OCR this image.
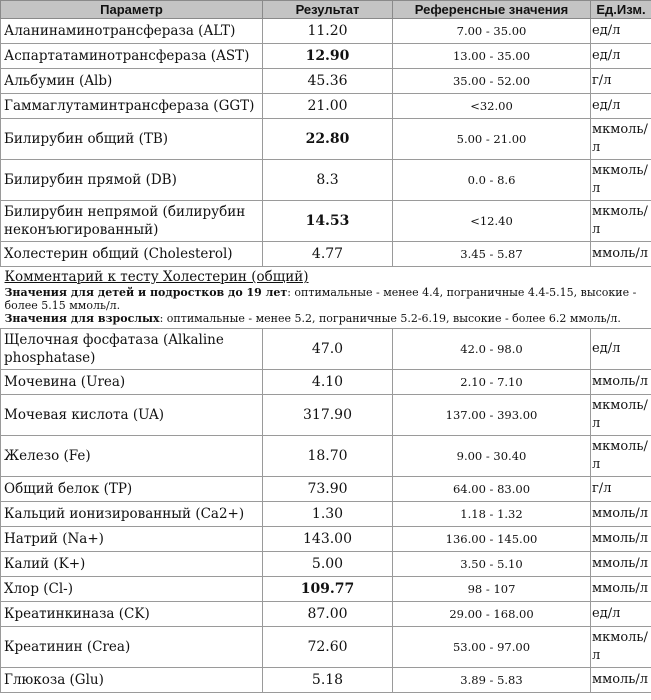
Параметр	Результат	Референсные значения	Ед.Изм.
Аланинаминотрансфераза (ALT)	11.20	7.00 - 35.00	ед/л
Аспартатаминотрансфераза (AST)	12.90	13.00 - 35.00	ед/л
Альбумин (Alb)	45.36	35.00 - 52.00	г/л
Гаммаглутаминтрансфераза (GGT)	21.00	<32.00	ед/л
Билирубин общий (TB)	22.80	5.00 - 21.00	мкмоль/л
Билирубин прямой (DB)	8.3	0.0 - 8.6	мкмоль/л
Билирубин непрямой (билирубин неконъюгированный)	14.53	<12.40	мкмоль/л
Холестерин общий (Cholesterol)	4.77	3.45 - 5.87	ммоль/л

Комментарий к тесту Холестерин (общий)
Значения для детей и подростков до 19 лет: оптимальные - менее 4.4, пограничные 4.4-5.15, высокие - более 5.15 ммоль/л.
Значения для взрослых: оптимальные - менее 5.2, пограничные 5.2-6.19, высокие - более 6.2 ммоль/л.			

Щелочная фосфатаза (Alkaline phosphatase)	47.0	42.0 - 98.0	ед/л
Мочевина (Urea)	4.10	2.10 - 7.10	ммоль/л
Мочевая кислота (UA)	317.90	137.00 - 393.00	мкмоль/л
Железо (Fe)	18.70	9.00 - 30.40	мкмоль/л
Общий белок (TP)	73.90	64.00 - 83.00	г/л
Кальций ионизированный (Ca2+)	1.30	1.18 - 1.32	ммоль/л
Натрий (Na+)	143.00	136.00 - 145.00	ммоль/л
Калий (K+)	5.00	3.50 - 5.10	ммоль/л
Хлор (Cl-)	109.77	98 - 107	ммоль/л
Креатинкиназа (CK)	87.00	29.00 - 168.00	ед/л
Креатинин (Crea)	72.60	53.00 - 97.00	мкмоль/л
Глюкоза (Glu)	5.18	3.89 - 5.83	ммоль/л
